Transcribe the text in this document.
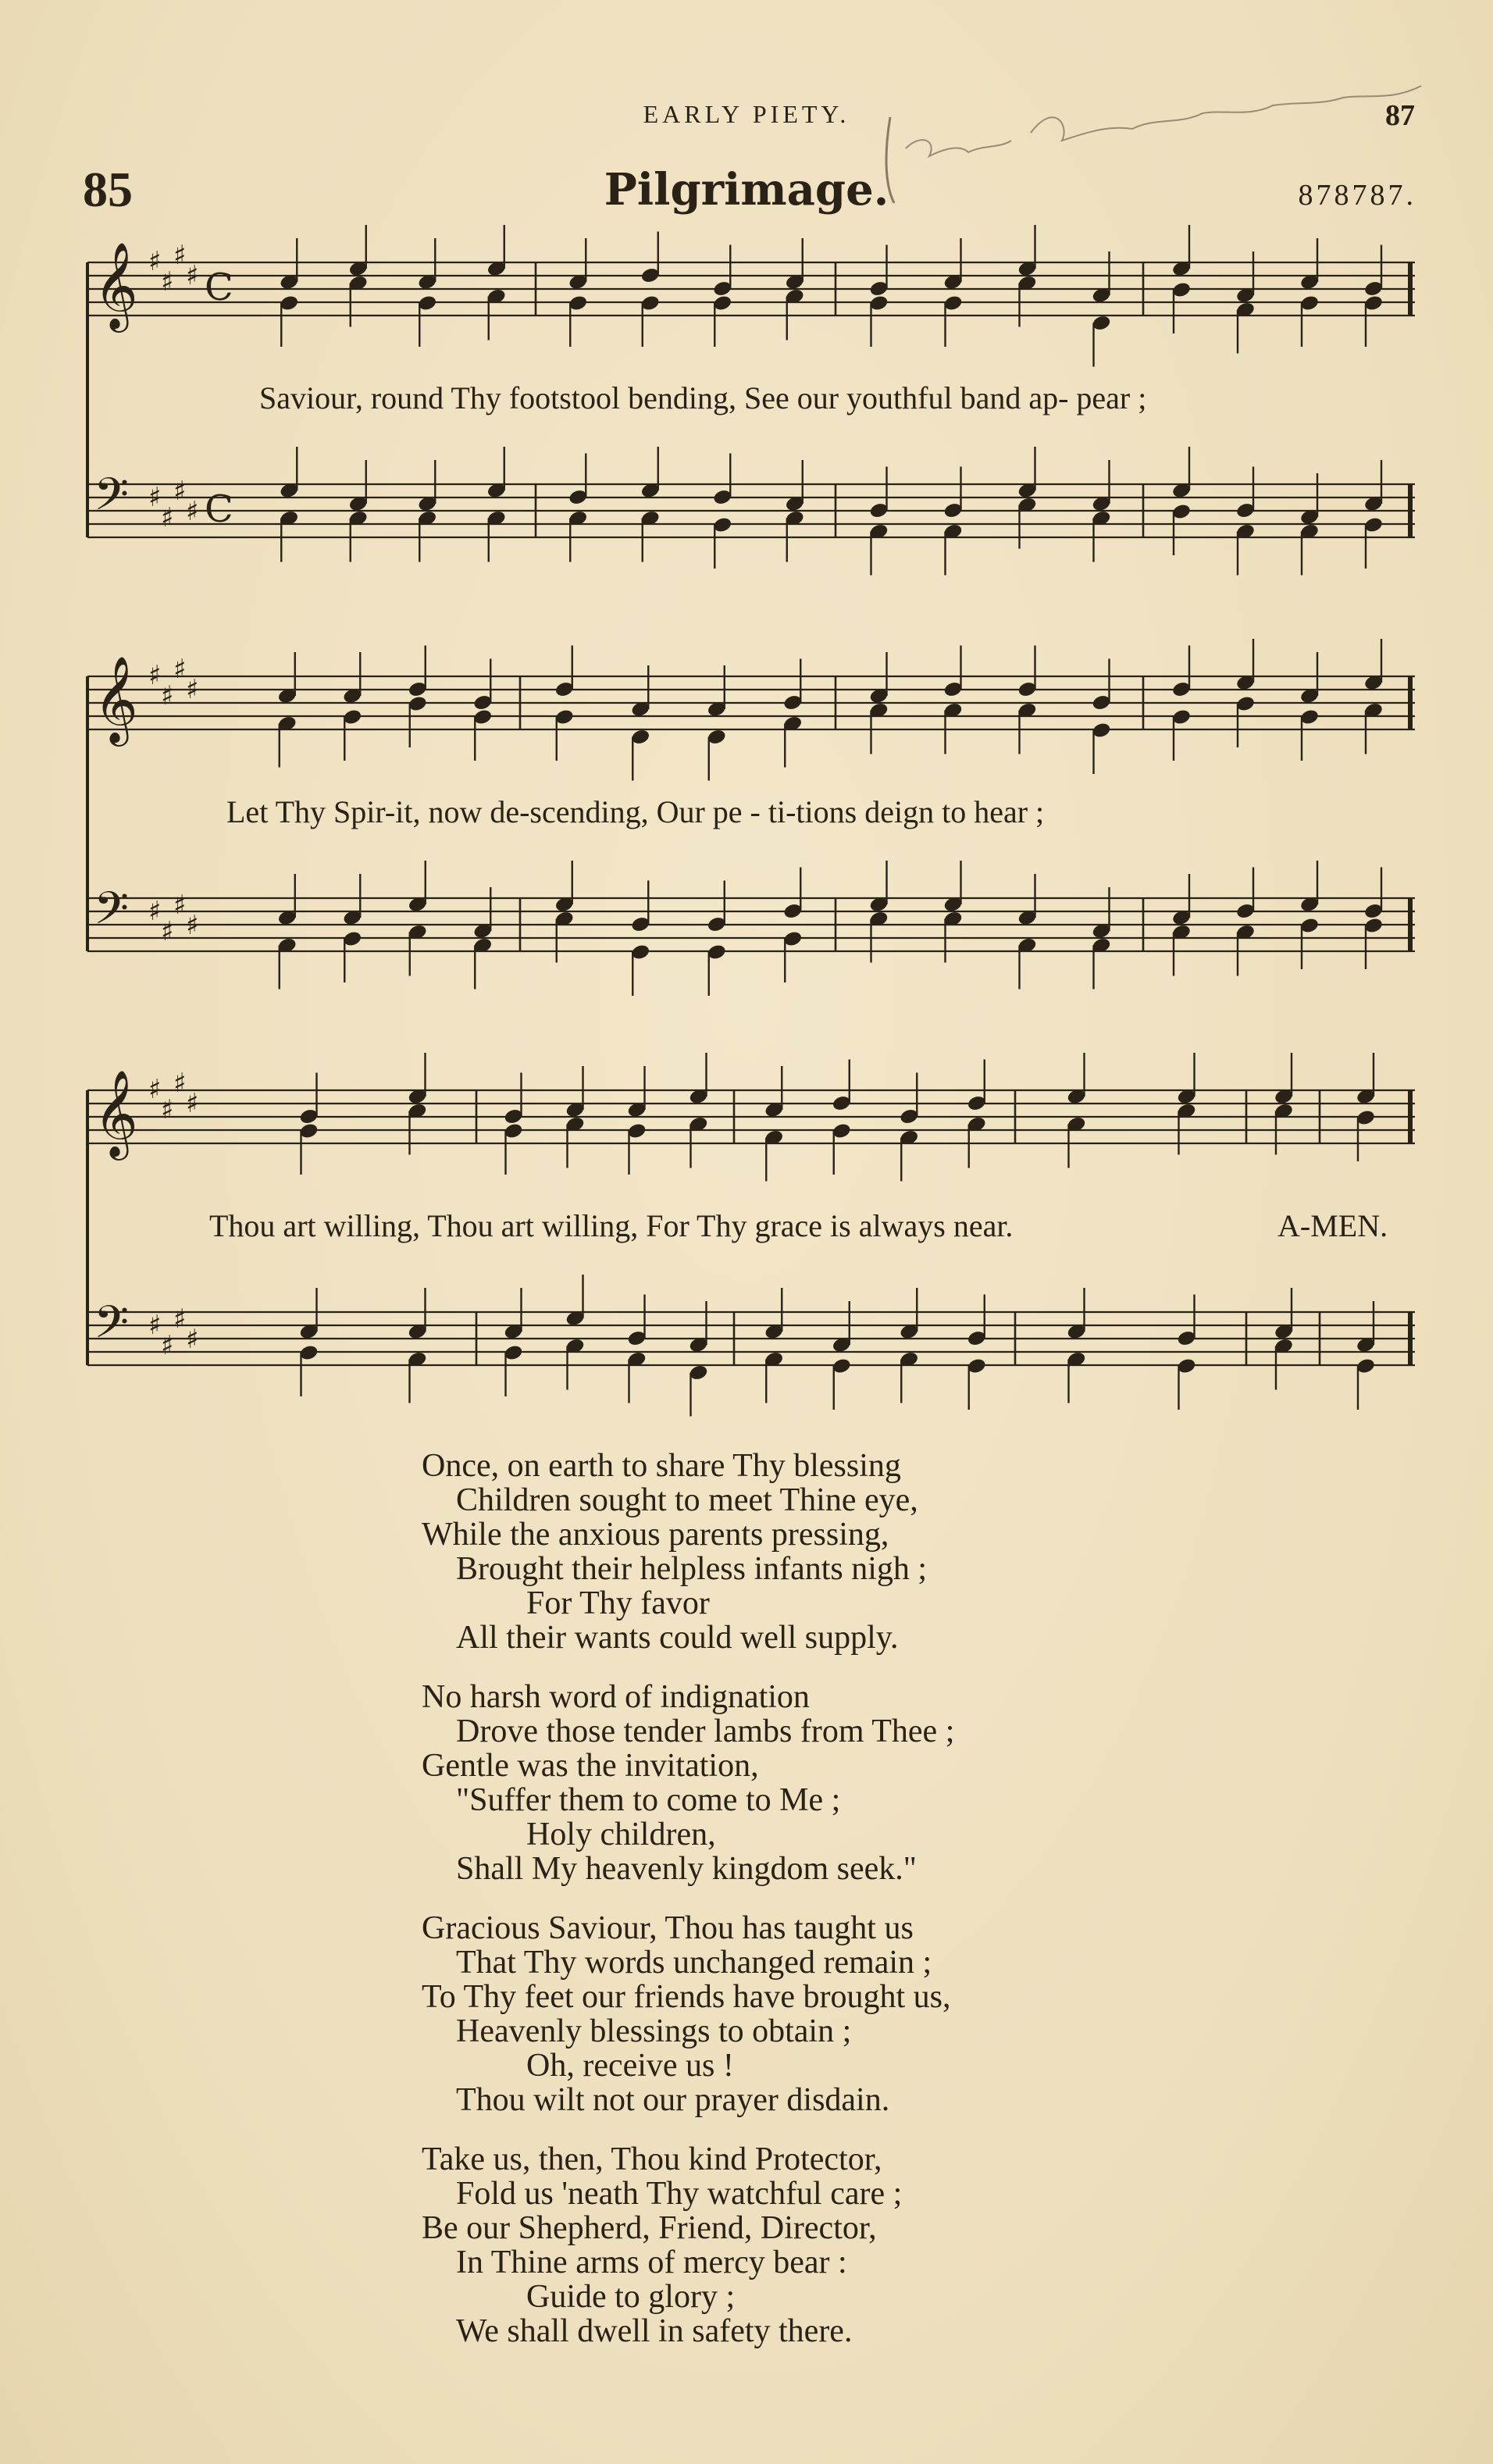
EARLY PIETY.	87
85	Pilgrimage.	878787.
𝄞 ♯
♯
♯
♯ C
𝄢 ♯
♯
♯
♯ C
𝄞 ♯
♯
♯
♯
𝄢 ♯
♯
♯
♯
𝄞 ♯
♯
♯
♯
𝄢 ♯
♯
♯
♯
Saviour, round Thy footstool bending, See our youthful band ap- pear ;
Let Thy Spir-it, now de-scending, Our pe - ti-tions deign to hear ;
Thou art willing, Thou art willing, For Thy grace is always near.	A-MEN.
Once, on earth to share Thy blessing
Children sought to meet Thine eye,
While the anxious parents pressing,
Brought their helpless infants nigh ;
For Thy favor
All their wants could well supply.
No harsh word of indignation
Drove those tender lambs from Thee ;
Gentle was the invitation,
"Suffer them to come to Me ;
Holy children,
Shall My heavenly kingdom seek."
Gracious Saviour, Thou has taught us
That Thy words unchanged remain ;
To Thy feet our friends have brought us,
Heavenly blessings to obtain ;
Oh, receive us !
Thou wilt not our prayer disdain.
Take us, then, Thou kind Protector,
Fold us 'neath Thy watchful care ;
Be our Shepherd, Friend, Director,
In Thine arms of mercy bear :
Guide to glory ;
We shall dwell in safety there.
